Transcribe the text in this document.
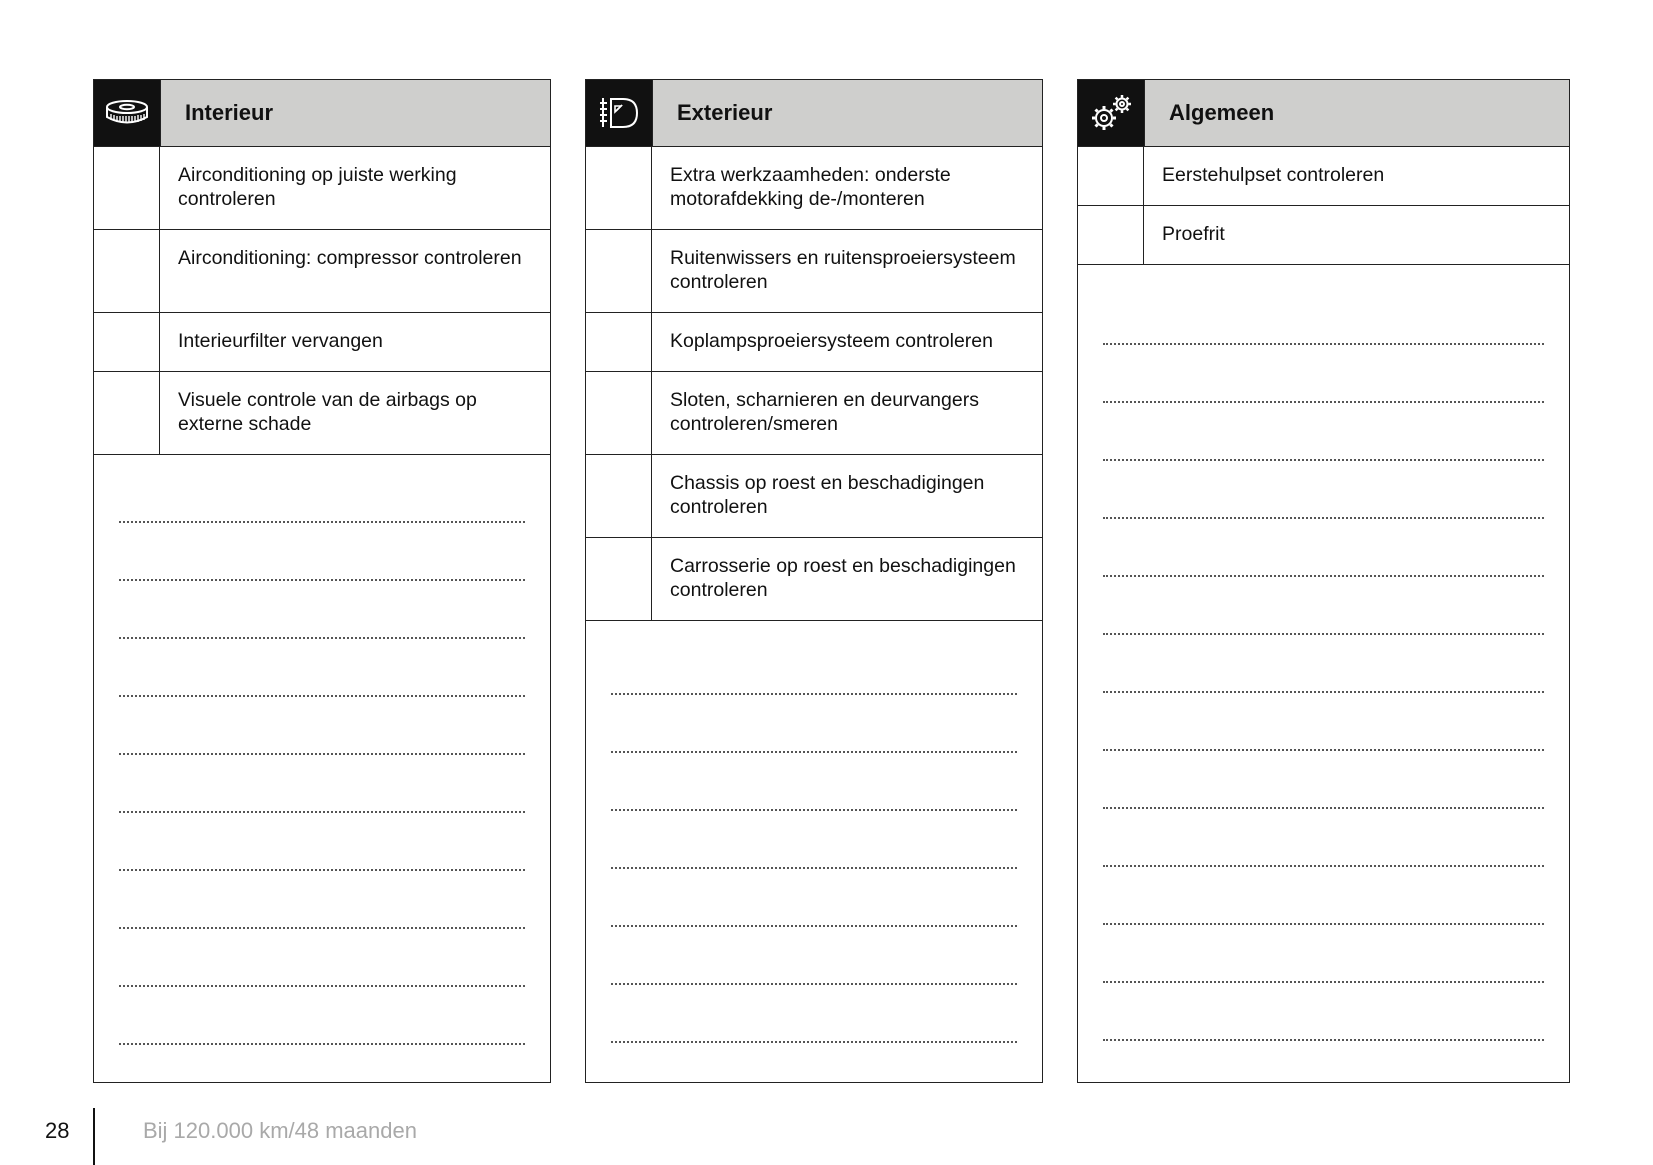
Interieur
Airconditioning op juiste werking controleren
Airconditioning: compressor controleren
Interieurfilter vervangen
Visuele controle van de airbags op externe schade
Exterieur
Extra werkzaamheden: onderste motorafdekking de-/monteren
Ruitenwissers en ruitensproeiersysteem controleren
Koplampsproeiersysteem controleren
Sloten, scharnieren en deurvangers controleren/smeren
Chassis op roest en beschadigingen controleren
Carrosserie op roest en beschadigingen controleren
Algemeen
Eerstehulpset controleren
Proefrit
28	Bij 120.000 km/48 maanden
